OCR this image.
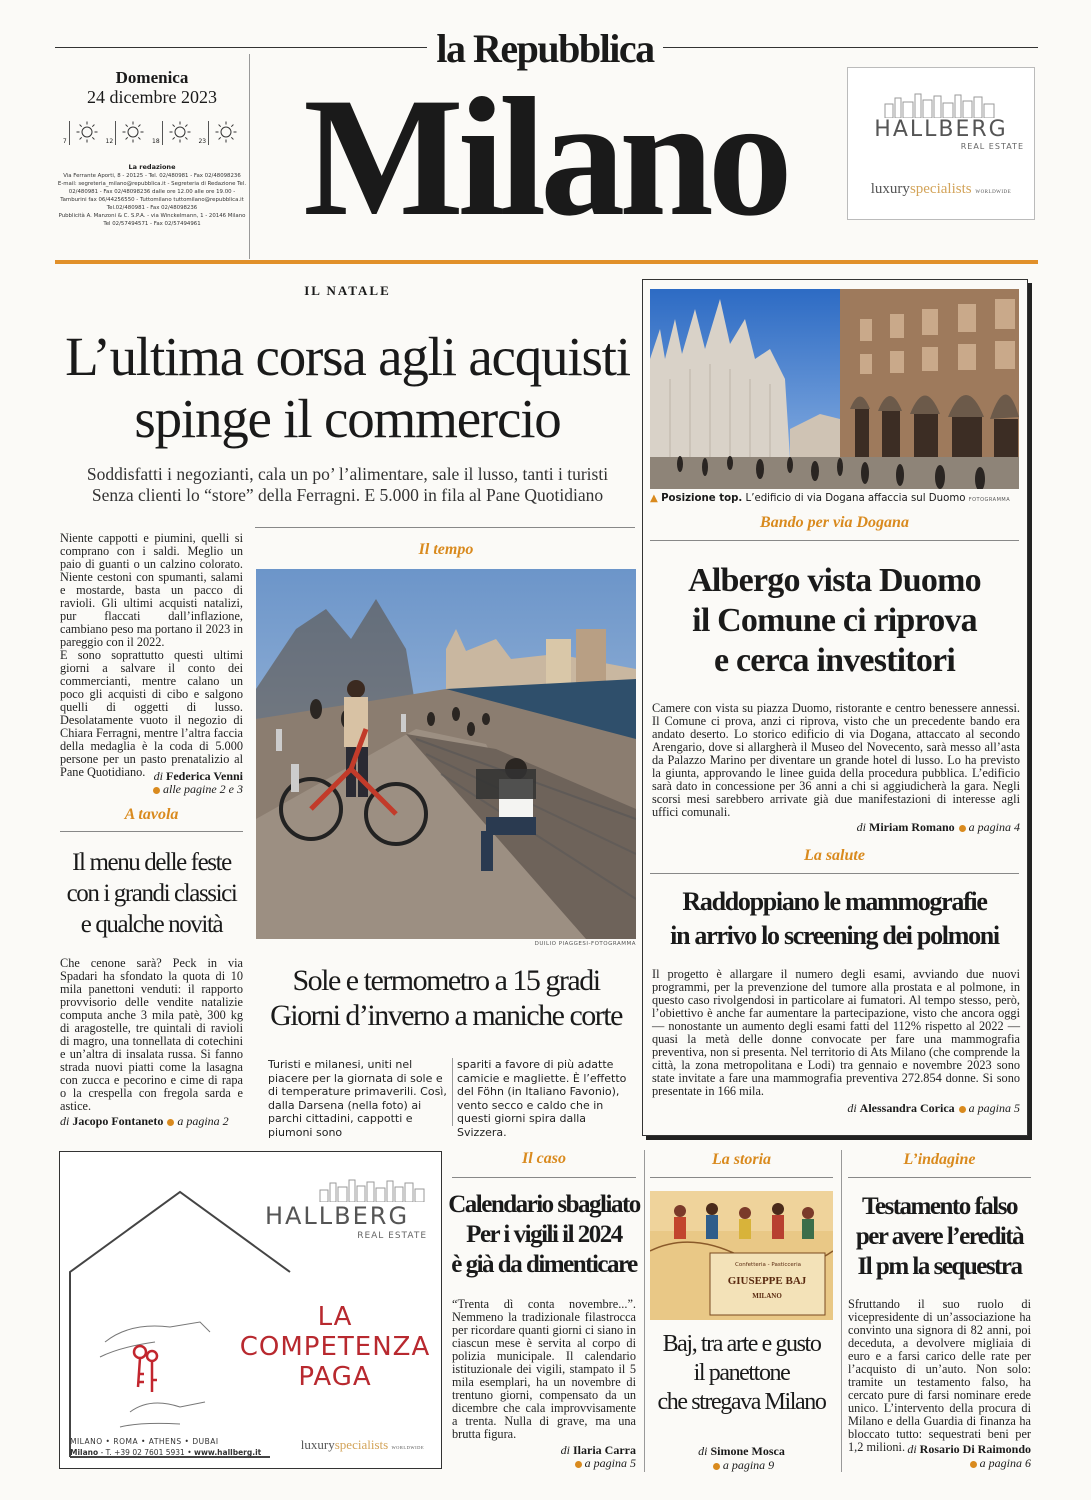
la Repubblica
Milano
Domenica
24 dicembre 2023
7	12	18	23
La redazione
Via Ferrante Aporti, 8 - 20125 - Tel. 02/480981 - Fax 02/48098236
E-mail: segreteria_milano@repubblica.it - Segreteria di Redazione Tel.
02/480981 - Fax 02/48098236 dalle ore 12.00 alle ore 19.00 -
Tamburini fax 06/44256550 - Tuttomilano tuttomilano@repubblica.it
Tel.02/480981 - Fax 02/48098236
Pubblicità A. Manzoni & C. S.P.A. - via Winckelmann, 1 - 20146 Milano
Tel 02/57494571 - Fax 02/57494961
HALLBERG
REAL ESTATE
luxuryspecialists WORLDWIDE
IL NATALE
L’ultima corsa agli acquisti
spinge il commercio
Soddisfatti i negozianti, cala un po’ l’alimentare, sale il lusso, tanti i turisti
Senza clienti lo “store” della Ferragni. E 5.000 in fila al Pane Quotidiano
Niente cappotti e piumini, quelli si comprano con i saldi. Meglio un paio di guanti o un calzino colorato. Niente cestoni con spumanti, salami e mostarde, basta un pacco di ravioli. Gli ultimi acquisti natalizi, pur flaccati dall’inflazione, cambiano peso ma portano il 2023 in pareggio con il 2022.
E sono soprattutto questi ultimi giorni a salvare il conto dei commercianti, mentre calano un poco gli acquisti di cibo e salgono quelli di oggetti di lusso. Desolatamente vuoto il negozio di Chiara Ferragni, mentre l’altra faccia della medaglia è la coda di 5.000 persone per un pasto prenatalizio al Pane Quotidiano. di Federica Venni
alle pagine 2 e 3
A tavola
Il menu delle feste
con i grandi classici
e qualche novità
Che cenone sarà? Peck in via Spadari ha sfondato la quota di 10 mila panettoni venduti: il rapporto provvisorio delle vendite natalizie computa anche 3 mila patè, 300 kg di aragostelle, tre quintali di ravioli di magro, una tonnellata di cotechini e un’altra di insalata russa. Si fanno strada nuovi piatti come la lasagna con zucca e pecorino e cime di rapa o la crespella con fregola sarda e astice.
di Jacopo Fontaneto a pagina 2
Il tempo
DUILIO PIAGGESI-FOTOGRAMMA
Sole e termometro a 15 gradi
Giorni d’inverno a maniche corte
Turisti e milanesi, uniti nel piacere per la giornata di sole e di temperature primaverili. Così, dalla Darsena (nella foto) ai parchi cittadini, cappotti e piumoni sono
spariti a favore di più adatte camicie e magliette. È l’effetto del Föhn (in Italiano Favonio), vento secco e caldo che in questi giorni spira dalla Svizzera.
▲ Posizione top. L’edificio di via Dogana affaccia sul Duomo FOTOGRAMMA
Bando per via Dogana
Albergo vista Duomo
il Comune ci riprova
e cerca investitori
Camere con vista su piazza Duomo, ristorante e centro benessere annessi. Il Comune ci prova, anzi ci riprova, visto che un precedente bando era andato deserto. Lo storico edificio di via Dogana, attaccato al secondo Arengario, dove si allargherà il Museo del Novecento, sarà messo all’asta da Palazzo Marino per diventare un grande hotel di lusso. Lo ha previsto la giunta, approvando le linee guida della procedura pubblica. L’edificio sarà dato in concessione per 36 anni a chi si aggiudicherà la gara. Negli scorsi mesi sarebbero arrivate già due manifestazioni di interesse agli uffici comunali.
di Miriam Romano a pagina 4
La salute
Raddoppiano le mammografie
in arrivo lo screening dei polmoni
Il progetto è allargare il numero degli esami, avviando due nuovi programmi, per la prevenzione del tumore alla prostata e al polmone, in questo caso rivolgendosi in particolare ai fumatori. Al tempo stesso, però, l’obiettivo è anche far aumentare la partecipazione, visto che ancora oggi — nonostante un aumento degli esami fatti del 112% rispetto al 2022 — quasi la metà delle donne convocate per fare una mammografia preventiva, non si presenta. Nel territorio di Ats Milano (che comprende la città, la zona metropolitana e Lodi) tra gennaio e novembre 2023 sono state invitate a fare una mammografia preventiva 272.854 donne. Si sono presentate in 166 mila.
di Alessandra Corica a pagina 5
HALLBERG
REAL ESTATE
LA
COMPETENZA
PAGA
MILANO • ROMA • ATHENS • DUBAI
Milano - T. +39 02 7601 5931 • www.hallberg.it
luxuryspecialists WORLDWIDE
Il caso
Calendario sbagliato
Per i vigili il 2024
è già da dimenticare
“Trenta dì conta novembre...”. Nemmeno la tradizionale filastrocca per ricordare quanti giorni ci siano in ciascun mese è servita al corpo di polizia municipale. Il calendario istituzionale dei vigili, stampato il 5 mila esemplari, ha un novembre di trentuno giorni, compensato da un dicembre che cala improvvisamente a trenta. Nulla di grave, ma una brutta figura.
di Ilaria Carra
a pagina 5
La storia
Confetteria - Pasticceria
GIUSEPPE BAJ
MILANO
Baj, tra arte e gusto
il panettone
che stregava Milano
di Simone Mosca
a pagina 9
L’indagine
Testamento falso
per avere l’eredità
Il pm la sequestra
Sfruttando il suo ruolo di vicepresidente di un’associazione ha convinto una signora di 82 anni, poi deceduta, a devolvere migliaia di euro e a farsi carico delle rate per l’acquisto di un’auto. Non solo: tramite un testamento falso, ha cercato pure di farsi nominare erede unico. L’intervento della procura di Milano e della Guardia di finanza ha bloccato tutto: sequestrati beni per 1,2 milioni. di Rosario Di Raimondo
a pagina 6
